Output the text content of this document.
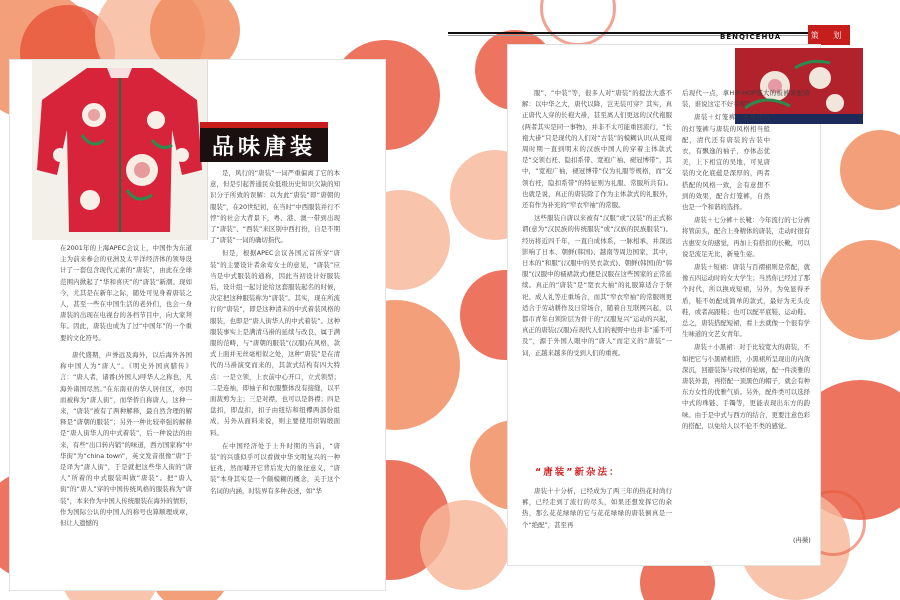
品味唐装

在2001年的上海APEC会议上，中国作为东道主为前来参会的亚洲及太平洋经济体的领导设计了一套包含现代元素的“唐装”，由此在全球范围内掀起了“华和喜庆”的“唐装”新潮。现如今，尤其是在新年之际，随处可见身着唐装之人，甚至一些在中国生活的老外们，也会一身唐装的出现在电视台的各档节目中，向大家拜年。因此，唐装也成为了过“中国年”的一个重要的文化符号。

唐代盛期，声誉远及海外，以后海外各国称中国人为“唐人”。《明史外国真腊传》言：“唐人者，诸番(外国人)呼华人之称也，凡海外诸国尽然。”在东南亚的华人居住区，亦因而被称为“唐人街”，而华侨自称唐人，这种一来，“唐装”被有了两种解释，最自然含理的解释是“唐朝的服装”；另外一种比较牵强的解释是“唐人街华人的中式着装”，后一种说法的由来，有些“出口转内销”的味道，西方国家称“中华街”为“china town”，英文发音很像“唐”于是译为“唐人街”，于是就把这些华人街的“唐人”所着的中式服装叫做“唐装”。把“唐人街”的“唐人”穿的中国传统风格的服装称为“唐装”，本来作为中国人传统服装在海外的情形，作为国际公认的中国人的称号也算顺理成章，但让人遗憾的

是，风行的“唐装”一词严重偏离了它的本意，但是引起普通民众低级历史知识欠缺的知识分子所致的误解：以为此“唐装”即“唐朝的服装”，在20世纪初，在当时“中西服装并行不悖”的社会大背景下，粤、港、澳一带到出现了“唐装”、“西装”来区别中西打扮，自是不期了“唐装”一词的确切指代。

但是，根据APEC会议各国元首所穿“唐装”的主要设计者余莺女士的意见，“唐装”应当是中式服装的通称，因此当初设计好服装后，设计组一起讨论给这套服装起名的时候，决定把这种服装称为“唐装”。其实，现在所流行的“唐装”，即是这种清末的中式着装风格的服装，也即是“唐人街华人的中式着装”。这种服装事实上是满清马褂的延续与改良，属于满服的范畴，与“唐朝的服装”(汉服)在风格，款式上面并无丝毫相似之处，这种“唐装”是在清代的马褂演变而来的，其款式结构有四大特点：一是立领，上衣前中心开口，立式领型；二是连袖，即袖子和衣服整体没有接缝，以平面裁剪为主；三是对襟，也可以是斜襟；四是盘扣，即盘扣，扣子由纽结和纽襻两部份组成，另外从面料来说，则主要使用织锦缎面料。

在中国经济处于上升时期的当前，“唐装”的兴盛似乎可以看做中华文明复兴的一种征兆，然而噱开它背后发大的象征意义，“唐装”本身其实是一个颇模糊的概念，关于这个名词的内涵，时装界有多种表述，如“华

BENQICEHUA	策 划

服”、“中装”等，很多人对“唐装”的提法大惑不解：以中华之大，唐代以降，岂无装可穿？其实，真正唐代人穿的长袍大褂，甚至离人们更远的汉代袍服(两者其实是同一事物)，并非不太可能重回流行，“长袍大褂”只是现代的人们对“古装”的模糊认识(从夏商周时期一直到明末的汉族中国人的穿着主体款式是“交领右衽、隐扣系带、宽袍广袖、褪冠博带”，其中，“宽袍广袖，褪冠博带”仅为礼服等规格，而“交领右衽，隐扣系带”的特征则为礼服、常服所共有)。也就是说，真正的唐装除了作为主体款式的礼服外，还有作为补充的“窄衣窄袖”的常服。

这些服装自唐以来被有“汉服”或“汉装”的正式称谓(意为“汉民族的传统服装”或“汉族的民族服装”)。经历将近四千年，一直自成体系，一脉相承，并深远影响了日本、朝鲜(韩国)、越南等周边国家，其中，日本的“和服”(汉服中的吴衣款式)、朝鲜(韩国)的“韩服”(汉服中的襦裙款式)便是汉服在这些国家的正常延续。真正的“唐装”是“宽衣大袖”的礼服算适合于祭祀、成人礼等庄重场合，而其“窄衣窄袖”的常服则更适合于劳动耕作及日常场合，随着自互联网兴起，以都市青年白领阶层为骨干的“汉服复兴”运动的兴起，真正的唐装(汉服)在现代人们的视野中也并非“遥不可及”，源于外国人眼中的“唐人”而定义的“唐装”一词，正越来越多的受到人们的重视。

“唐装”新杂法：

唐装十十分析，已经成为了两三年的热花时尚行裤，已经走到了流行的尽头，如果还想发挥它的余热，那么花花绿绿的它与花花绿绿的唐装倒真是一个“绝配”，甚至再

后现代一点，拿HIP-HOP那大的板裤来配唐装，谁说这定不好看呢？

唐装＋灯笼裤：去年经行的灯笼裤与唐装的风格相当般配，清代还有唐装的古装中衣，有飘逸的袖子，亦体态优美，上下相宜的吴地，可见唐装的文化底蕴是深厚的，两者搭配的风格一致，会有意想不到的效果，配合灯笼裤，自然也是一个和谐的选择。

唐装＋七分裤＋长靴：今年流行的七分裤将管前头，配合上身精体的唐装，走动时很有古惠安女的感觉，再加上有搭扣的长靴，可以说是流足无比，新曼生姿。

唐装＋短裙：唐装与百褶裙则是常配，就像五四运动时的女大学生；当然你已经过了那个时代，所以换成短裙，另外，为免显得矛盾，鞋不妨配成简单的款式，最好为无头皮鞋，或者高跟鞋；也可以配平底鞋、运动鞋。总之，唐装搭配短裙，看上去就像一个很有学生味道的文艺女青年。

唐装＋小黑裙：对于比较宽大的唐装，不如把它与小黑裙相搭，小黑裙所呈现出的内敛深沉，回避装饰与纹样的轮廓，配一件淡雅的唐装外套，再搭配一顶黑色的帽子，就会有种东方女性的优雅气质。另外，配件类可以选择中式的珠链、手镯等，更能表现出东方的韵味。由于是中式与西方的结合，更要注意色彩的搭配，以免给人以不伦不类的感觉。

(冉薇)
